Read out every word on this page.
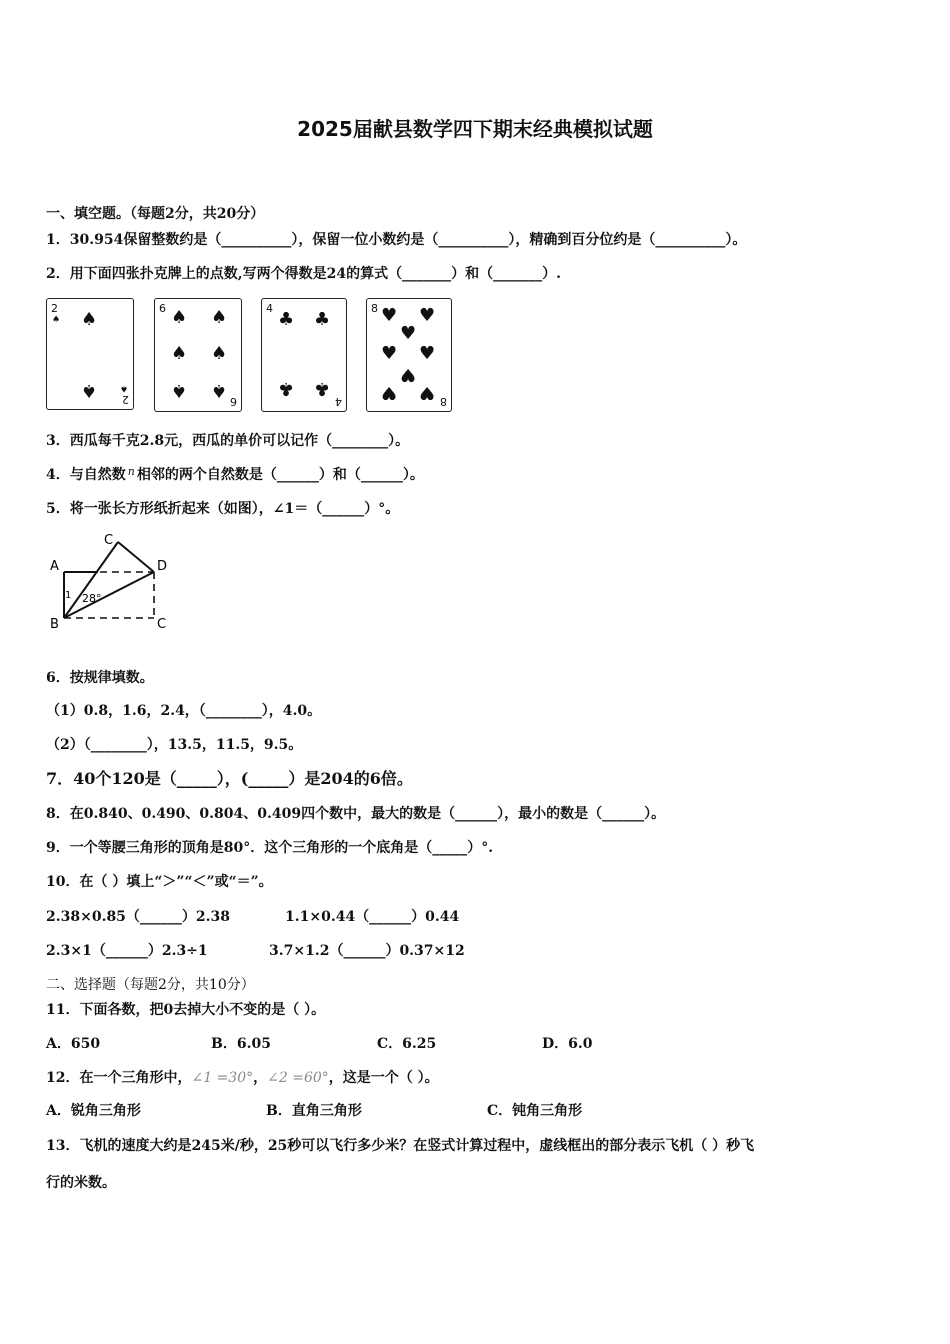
2025届献县数学四下期末经典模拟试题
一、填空题。（每题2分，共20分）
1．30.954保留整数约是（__________），保留一位小数约是（__________），精确到百分位约是（__________）。
2．用下面四张扑克牌上的点数,写两个得数是24的算式（_______）和（_______）.
2
♠ ♠
♠ 2
♠
6 ♠ ♠
♠ ♠
♠ ♠
6
4
♣ ♣
♣ ♣
4
8 ♥ ♥
♥
♥ ♥
♥
♥ ♥ 8
3．西瓜每千克2.8元，西瓜的单价可以记作（________）。
4．与自然数 $^n$ 相邻的两个自然数是（______）和（______）。
5．将一张长方形纸折起来（如图），∠1＝（______）°。
A
C
D
B	C
1 28°
6．按规律填数。
（1）0.8，1.6，2.4，（________），4.0。
（2）（________），13.5，11.5，9.5。
7．40个120是（_____），(_____）是204的6倍。
8．在0.840、0.490、0.804、0.409四个数中，最大的数是（______），最小的数是（______）。
9．一个等腰三角形的顶角是80°．这个三角形的一个底角是（_____）°.
10．在（ ）填上“＞”“＜”或“＝”。
2.38×0.85（______）2.38	1.1×0.44（______）0.44
2.3×1（______）2.3÷1	3.7×1.2（______）0.37×12
二、选择题（每题2分，共10分）
11．下面各数，把0去掉大小不变的是（ ）。
A．650	B．6.05	C．6.25	D．6.0
12．在一个三角形中，∠1 =30°，∠2 =60°，这是一个（ ）。
A．锐角三角形	B．直角三角形	C．钝角三角形
13．飞机的速度大约是245米/秒，25秒可以飞行多少米？在竖式计算过程中，虚线框出的部分表示飞机（ ）秒飞
行的米数。
